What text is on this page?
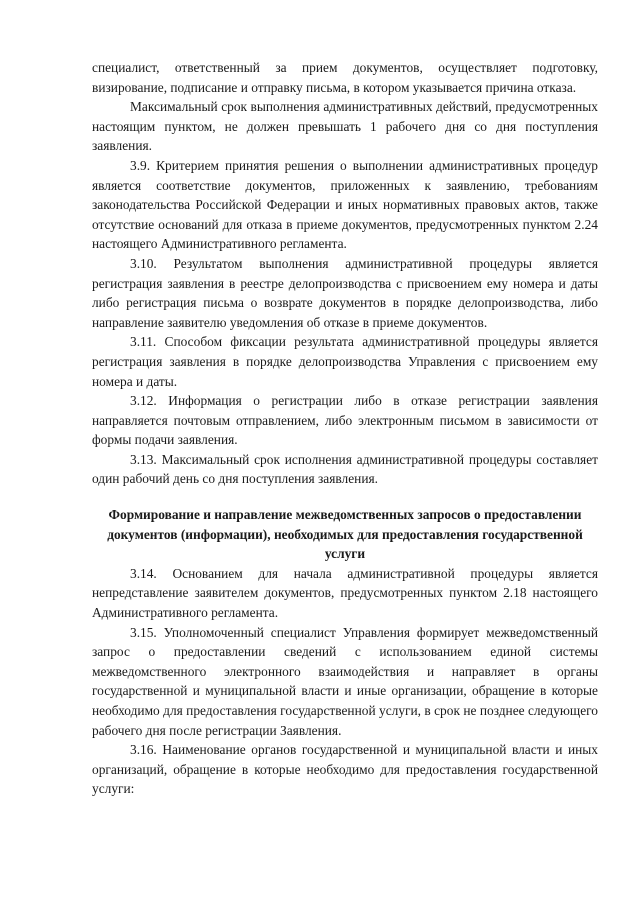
специалист, ответственный за прием документов, осуществляет подготовку, визирование, подписание и отправку письма, в котором указывается причина отказа.

Максимальный срок выполнения административных действий, предусмотренных настоящим пунктом, не должен превышать 1 рабочего дня со дня поступления заявления.

3.9. Критерием принятия решения о выполнении административных процедур является соответствие документов, приложенных к заявлению, требованиям законодательства Российской Федерации и иных нормативных правовых актов, также отсутствие оснований для отказа в приеме документов, предусмотренных пунктом 2.24 настоящего Административного регламента.

3.10. Результатом выполнения административной процедуры является регистрация заявления в реестре делопроизводства с присвоением ему номера и даты либо регистрация письма о возврате документов в порядке делопроизводства, либо направление заявителю уведомления об отказе в приеме документов.

3.11. Способом фиксации результата административной процедуры является регистрация заявления в порядке делопроизводства Управления с присвоением ему номера и даты.

3.12. Информация о регистрации либо в отказе регистрации заявления направляется почтовым отправлением, либо электронным письмом в зависимости от формы подачи заявления.

3.13. Максимальный срок исполнения административной процедуры составляет один рабочий день со дня поступления заявления.

Формирование и направление межведомственных запросов о предоставлении документов (информации), необходимых для предоставления государственной услуги

3.14. Основанием для начала административной процедуры является непредставление заявителем документов, предусмотренных пунктом 2.18 настоящего Административного регламента.

3.15. Уполномоченный специалист Управления формирует межведомственный запрос о предоставлении сведений с использованием единой системы межведомственного электронного взаимодействия и направляет в органы государственной и муниципальной власти и иные организации, обращение в которые необходимо для предоставления государственной услуги, в срок не позднее следующего рабочего дня после регистрации Заявления.

3.16. Наименование органов государственной и муниципальной власти и иных организаций, обращение в которые необходимо для предоставления государственной услуги:
